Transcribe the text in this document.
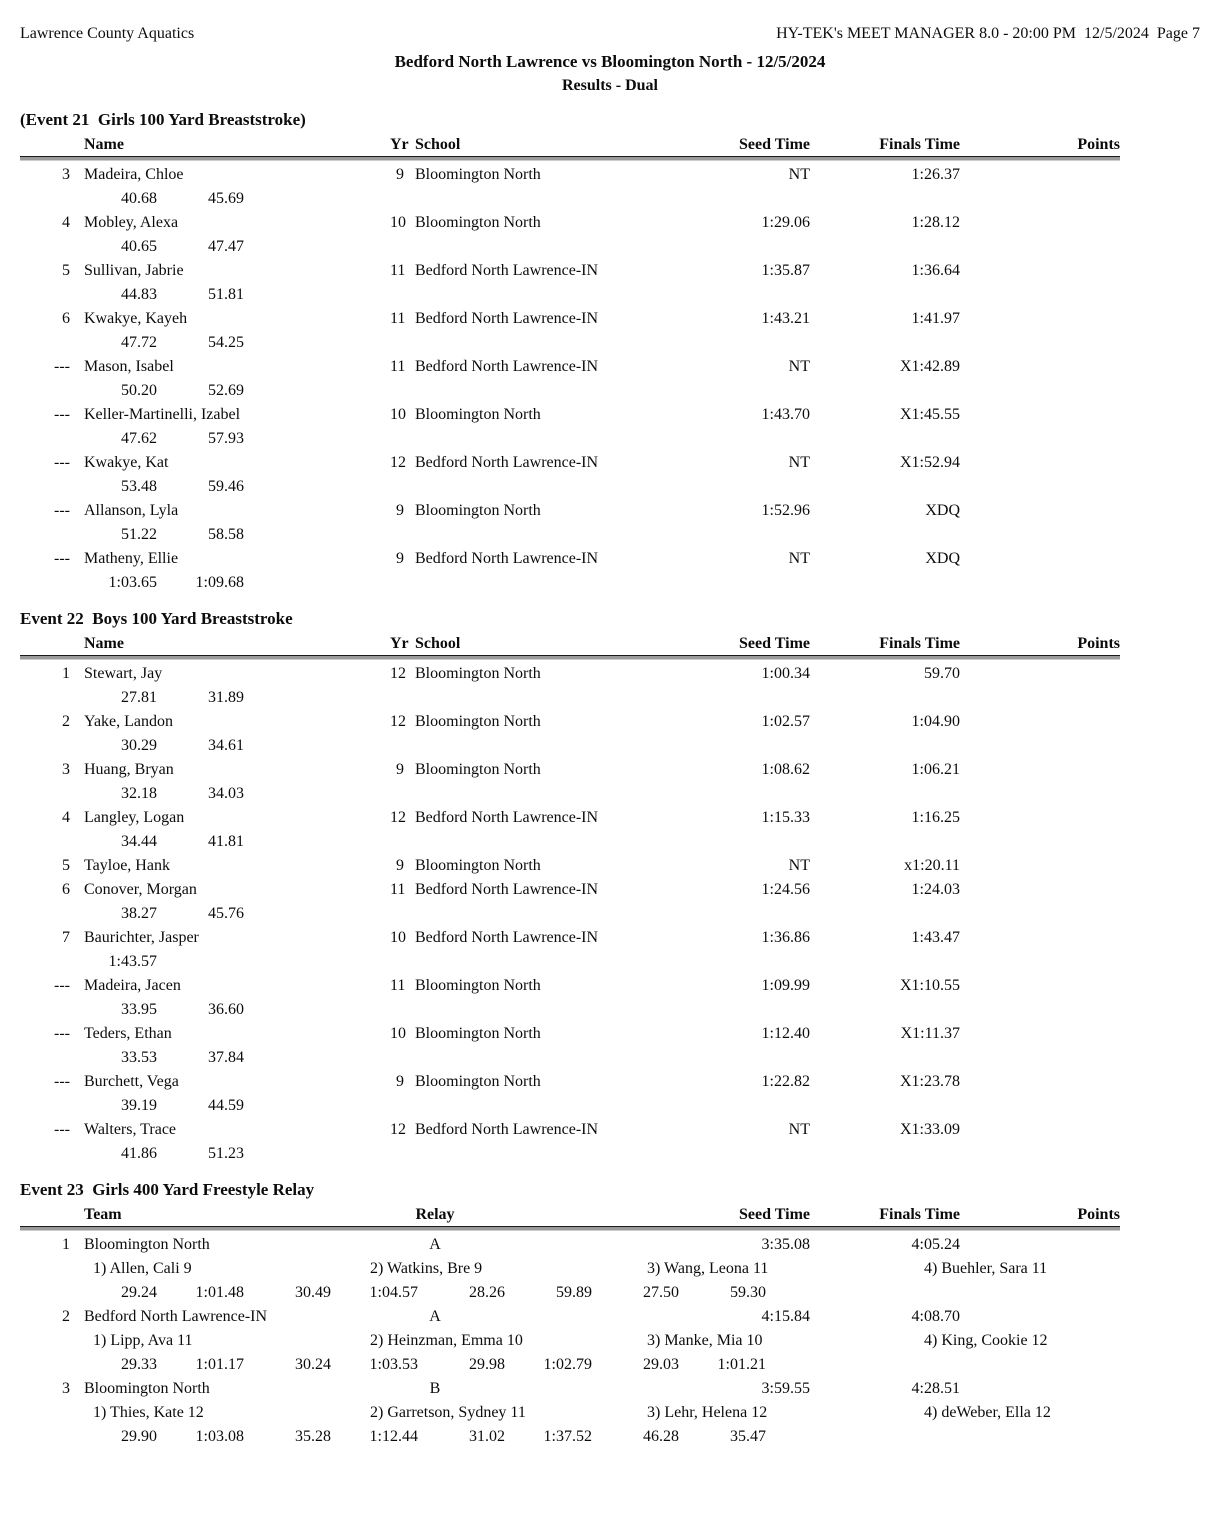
Lawrence County Aquatics	HY-TEK's MEET MANAGER 8.0 - 20:00 PM  12/5/2024  Page 7
Bedford North Lawrence vs Bloomington North - 12/5/2024
Results - Dual
(Event 21  Girls 100 Yard Breaststroke)
Name	Yr School	Seed Time	Finals Time	Points
3 Madeira, Chloe	9 Bloomington North	NT	1:26.37
40.68	45.69
4 Mobley, Alexa	10 Bloomington North	1:29.06	1:28.12
40.65	47.47
5 Sullivan, Jabrie	11 Bedford North Lawrence-IN	1:35.87	1:36.64
44.83	51.81
6 Kwakye, Kayeh	11 Bedford North Lawrence-IN	1:43.21	1:41.97
47.72	54.25
--- Mason, Isabel	11 Bedford North Lawrence-IN	NT	X1:42.89
50.20	52.69
--- Keller-Martinelli, Izabel	10 Bloomington North	1:43.70	X1:45.55
47.62	57.93
--- Kwakye, Kat	12 Bedford North Lawrence-IN	NT	X1:52.94
53.48	59.46
--- Allanson, Lyla	9 Bloomington North	1:52.96	XDQ
51.22	58.58
--- Matheny, Ellie	9 Bedford North Lawrence-IN	NT	XDQ
1:03.65	1:09.68
Event 22  Boys 100 Yard Breaststroke
Name	Yr School	Seed Time	Finals Time	Points
1 Stewart, Jay	12 Bloomington North	1:00.34	59.70
27.81	31.89
2 Yake, Landon	12 Bloomington North	1:02.57	1:04.90
30.29	34.61
3 Huang, Bryan	9 Bloomington North	1:08.62	1:06.21
32.18	34.03
4 Langley, Logan	12 Bedford North Lawrence-IN	1:15.33	1:16.25
34.44	41.81
5 Tayloe, Hank	9 Bloomington North	NT	x1:20.11
6 Conover, Morgan	11 Bedford North Lawrence-IN	1:24.56	1:24.03
38.27	45.76
7 Baurichter, Jasper	10 Bedford North Lawrence-IN	1:36.86	1:43.47
1:43.57
--- Madeira, Jacen	11 Bloomington North	1:09.99	X1:10.55
33.95	36.60
--- Teders, Ethan	10 Bloomington North	1:12.40	X1:11.37
33.53	37.84
--- Burchett, Vega	9 Bloomington North	1:22.82	X1:23.78
39.19	44.59
--- Walters, Trace	12 Bedford North Lawrence-IN	NT	X1:33.09
41.86	51.23
Event 23  Girls 400 Yard Freestyle Relay
Team	Relay	Seed Time	Finals Time	Points
1 Bloomington North	A	3:35.08	4:05.24
1) Allen, Cali 9	2) Watkins, Bre 9	3) Wang, Leona 11	4) Buehler, Sara 11
29.24	1:01.48	30.49	1:04.57	28.26	59.89	27.50	59.30
2 Bedford North Lawrence-IN	A	4:15.84	4:08.70
1) Lipp, Ava 11	2) Heinzman, Emma 10	3) Manke, Mia 10	4) King, Cookie 12
29.33	1:01.17	30.24	1:03.53	29.98	1:02.79	29.03	1:01.21
3 Bloomington North	B	3:59.55	4:28.51
1) Thies, Kate 12	2) Garretson, Sydney 11	3) Lehr, Helena 12	4) deWeber, Ella 12
29.90	1:03.08	35.28	1:12.44	31.02	1:37.52	46.28	35.47
